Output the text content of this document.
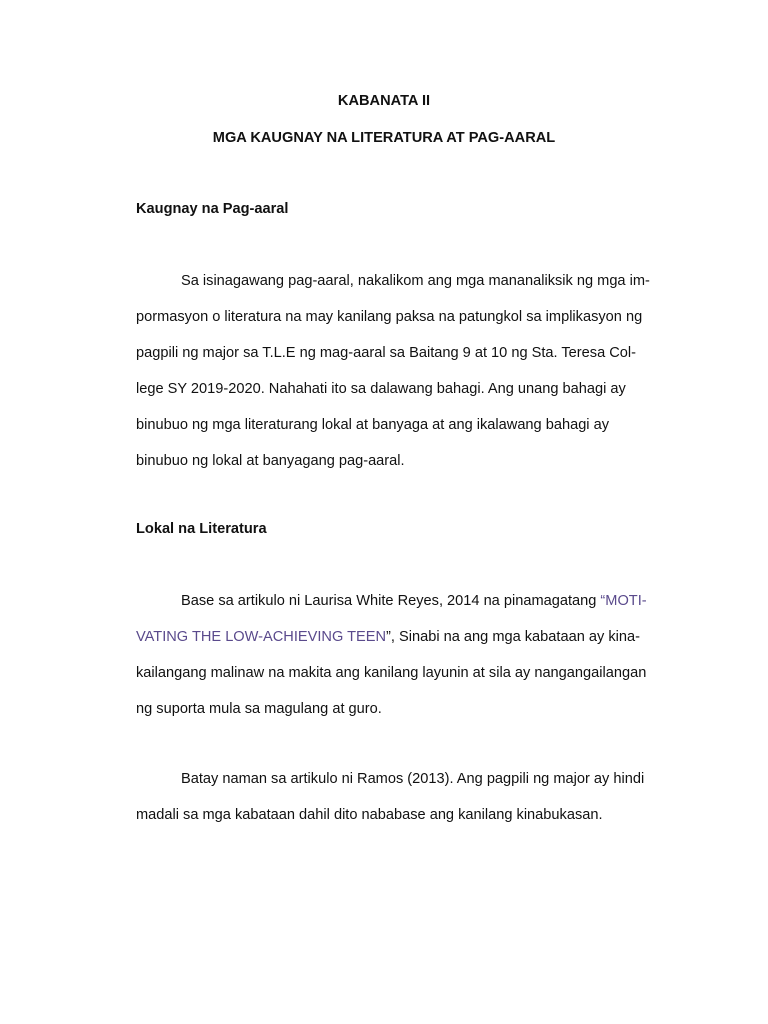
KABANATA II
MGA KAUGNAY NA LITERATURA AT PAG-AARAL
Kaugnay na Pag-aaral
Sa isinagawang pag-aaral, nakalikom ang mga mananaliksik ng mga im-
pormasyon o literatura na may kanilang paksa na patungkol sa implikasyon ng
pagpili ng major sa T.L.E ng mag-aaral sa Baitang 9 at 10 ng Sta. Teresa Col-
lege SY 2019-2020. Nahahati ito sa dalawang bahagi. Ang unang bahagi ay
binubuo ng mga literaturang lokal at banyaga at ang ikalawang bahagi ay
binubuo ng lokal at banyagang pag-aaral.
Lokal na Literatura
Base sa artikulo ni Laurisa White Reyes, 2014 na pinamagatang “MOTI-
VATING THE LOW-ACHIEVING TEEN”, Sinabi na ang mga kabataan ay kina-
kailangang malinaw na makita ang kanilang layunin at sila ay nangangailangan
ng suporta mula sa magulang at guro.
Batay naman sa artikulo ni Ramos (2013). Ang pagpili ng major ay hindi
madali sa mga kabataan dahil dito nababase ang kanilang kinabukasan.
